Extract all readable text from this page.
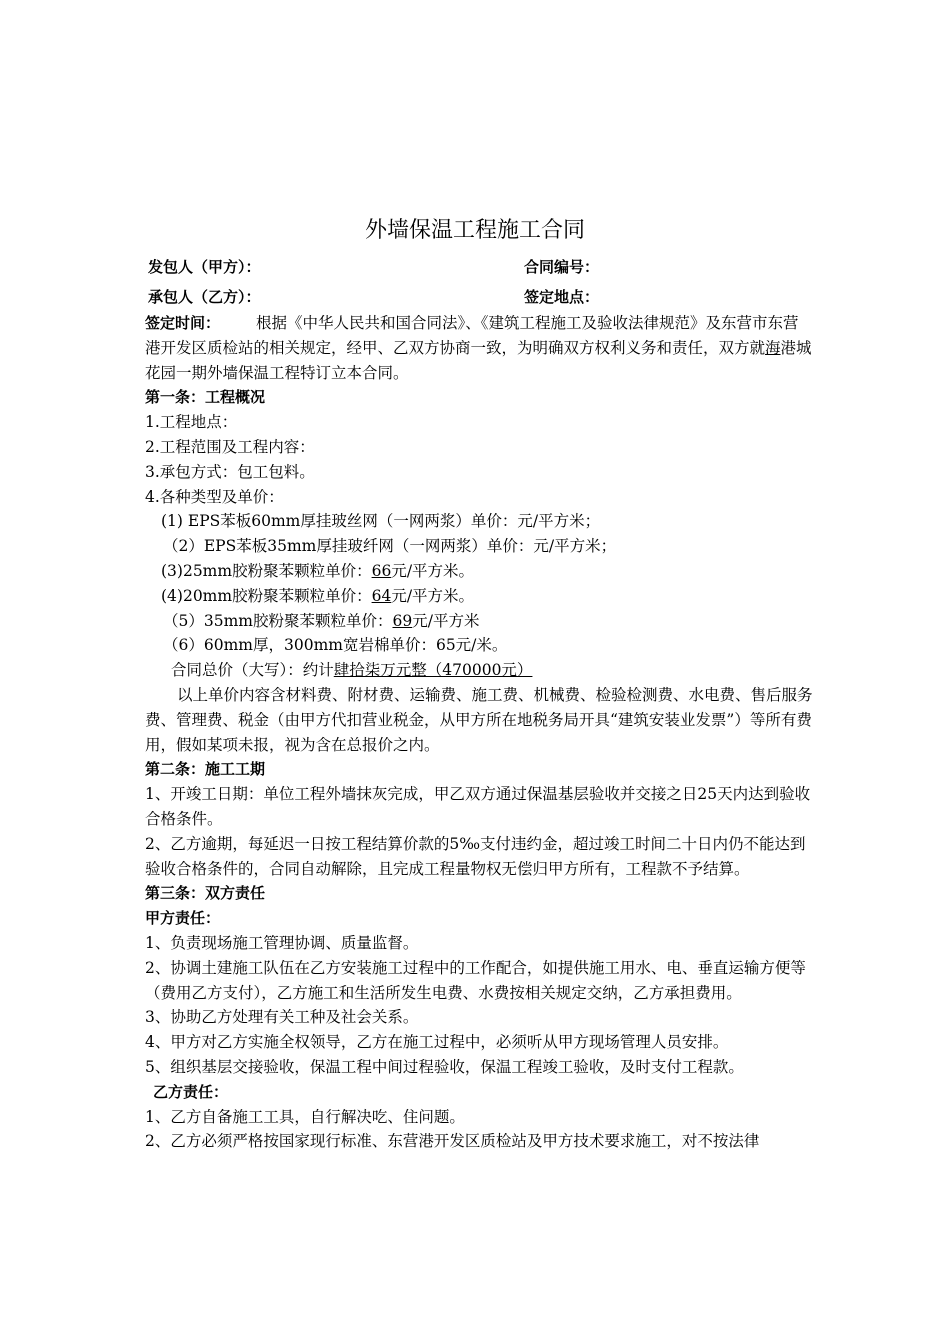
外墙保温工程施工合同
发包人（甲方）：	合同编号：
承包人（乙方）：	签定地点：

签定时间： 根据《中华人民共和国合同法》、《建筑工程施工及验收法律规范》及东营市东营港开发区质检站的相关规定，经甲、乙双方协商一致，为明确双方权利义务和责任，双方就海港城花园一期外墙保温工程特订立本合同。

第一条：工程概况

1.工程地点：

2.工程范围及工程内容：

3.承包方式：包工包料。

4.各种类型及单价：

(1) EPS苯板60mm厚挂玻丝网（一网两浆）单价：元/平方米；

（2）EPS苯板35mm厚挂玻纤网（一网两浆）单价：元/平方米；

(3)25mm胶粉聚苯颗粒单价：66元/平方米。

(4)20mm胶粉聚苯颗粒单价：64元/平方米。

（5）35mm胶粉聚苯颗粒单价：69元/平方米

（6）60mm厚，300mm宽岩棉单价：65元/米。

合同总价（大写）：约计肆拾柒万元整（470000元）

以上单价内容含材料费、附材费、运输费、施工费、机械费、检验检测费、水电费、售后服务费、管理费、税金（由甲方代扣营业税金，从甲方所在地税务局开具“建筑安装业发票”）等所有费用，假如某项未报，视为含在总报价之内。

第二条：施工工期

1、开竣工日期：单位工程外墙抹灰完成，甲乙双方通过保温基层验收并交接之日25天内达到验收合格条件。

2、乙方逾期，每延迟一日按工程结算价款的5‰支付违约金，超过竣工时间二十日内仍不能达到验收合格条件的，合同自动解除，且完成工程量物权无偿归甲方所有，工程款不予结算。

第三条：双方责任

甲方责任：

1、负责现场施工管理协调、质量监督。

2、协调土建施工队伍在乙方安装施工过程中的工作配合，如提供施工用水、电、垂直运输方便等（费用乙方支付），乙方施工和生活所发生电费、水费按相关规定交纳，乙方承担费用。

3、协助乙方处理有关工种及社会关系。

4、甲方对乙方实施全权领导，乙方在施工过程中，必须听从甲方现场管理人员安排。

5、组织基层交接验收，保温工程中间过程验收，保温工程竣工验收，及时支付工程款。

乙方责任：

1、乙方自备施工工具，自行解决吃、住问题。

2、乙方必须严格按国家现行标准、东营港开发区质检站及甲方技术要求施工，对不按法律
